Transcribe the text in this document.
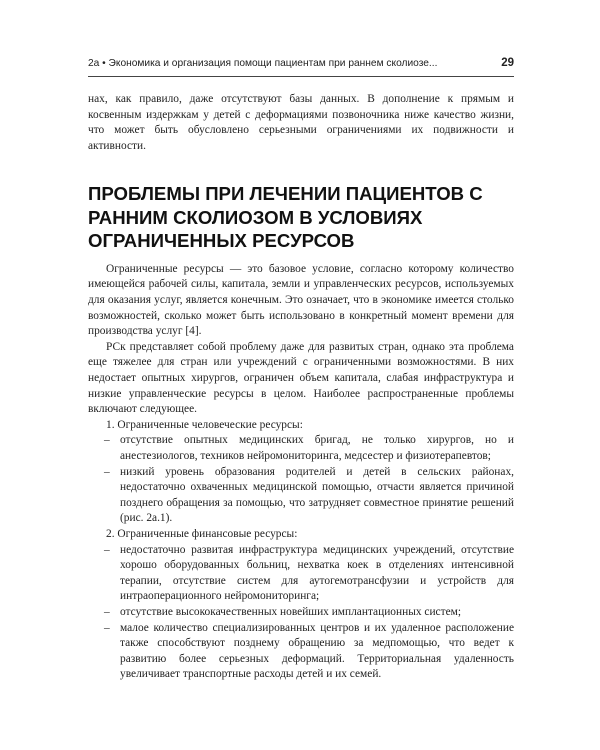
2а • Экономика и организация помощи пациентам при раннем сколиозе...	29

нах, как правило, даже отсутствуют базы данных. В дополнение к прямым и косвенным издержкам у детей с деформациями позвоночника ниже качество жизни, что может быть обусловлено серьезными ограничениями их подвижности и активности.

ПРОБЛЕМЫ ПРИ ЛЕЧЕНИИ ПАЦИЕНТОВ С РАННИМ СКОЛИОЗОМ В УСЛОВИЯХ ОГРАНИЧЕННЫХ РЕСУРСОВ

Ограниченные ресурсы — это базовое условие, согласно которому количество имеющейся рабочей силы, капитала, земли и управленческих ресурсов, используемых для оказания услуг, является конечным. Это означает, что в экономике имеется столько возможностей, сколько может быть использовано в конкретный момент времени для производства услуг [4].

РСк представляет собой проблему даже для развитых стран, однако эта проблема еще тяжелее для стран или учреждений с ограниченными возможностями. В них недостает опытных хирургов, ограничен объем капитала, слабая инфраструктура и низкие управленческие ресурсы в целом. Наиболее распространенные проблемы включают следующее.

1. Ограниченные человеческие ресурсы:

– отсутствие опытных медицинских бригад, не только хирургов, но и анестезиологов, техников нейромониторинга, медсестер и физиотерапевтов;
– низкий уровень образования родителей и детей в сельских районах, недостаточно охваченных медицинской помощью, отчасти является причиной позднего обращения за помощью, что затрудняет совместное принятие решений (рис. 2а.1).

2. Ограниченные финансовые ресурсы:

– недостаточно развитая инфраструктура медицинских учреждений, отсутствие хорошо оборудованных больниц, нехватка коек в отделениях интенсивной терапии, отсутствие систем для аутогемотрансфузии и устройств для интраоперационного нейромониторинга;
– отсутствие высококачественных новейших имплантационных систем;
– малое количество специализированных центров и их удаленное расположение также способствуют позднему обращению за медпомощью, что ведет к развитию более серьезных деформаций. Территориальная удаленность увеличивает транспортные расходы детей и их семей.
